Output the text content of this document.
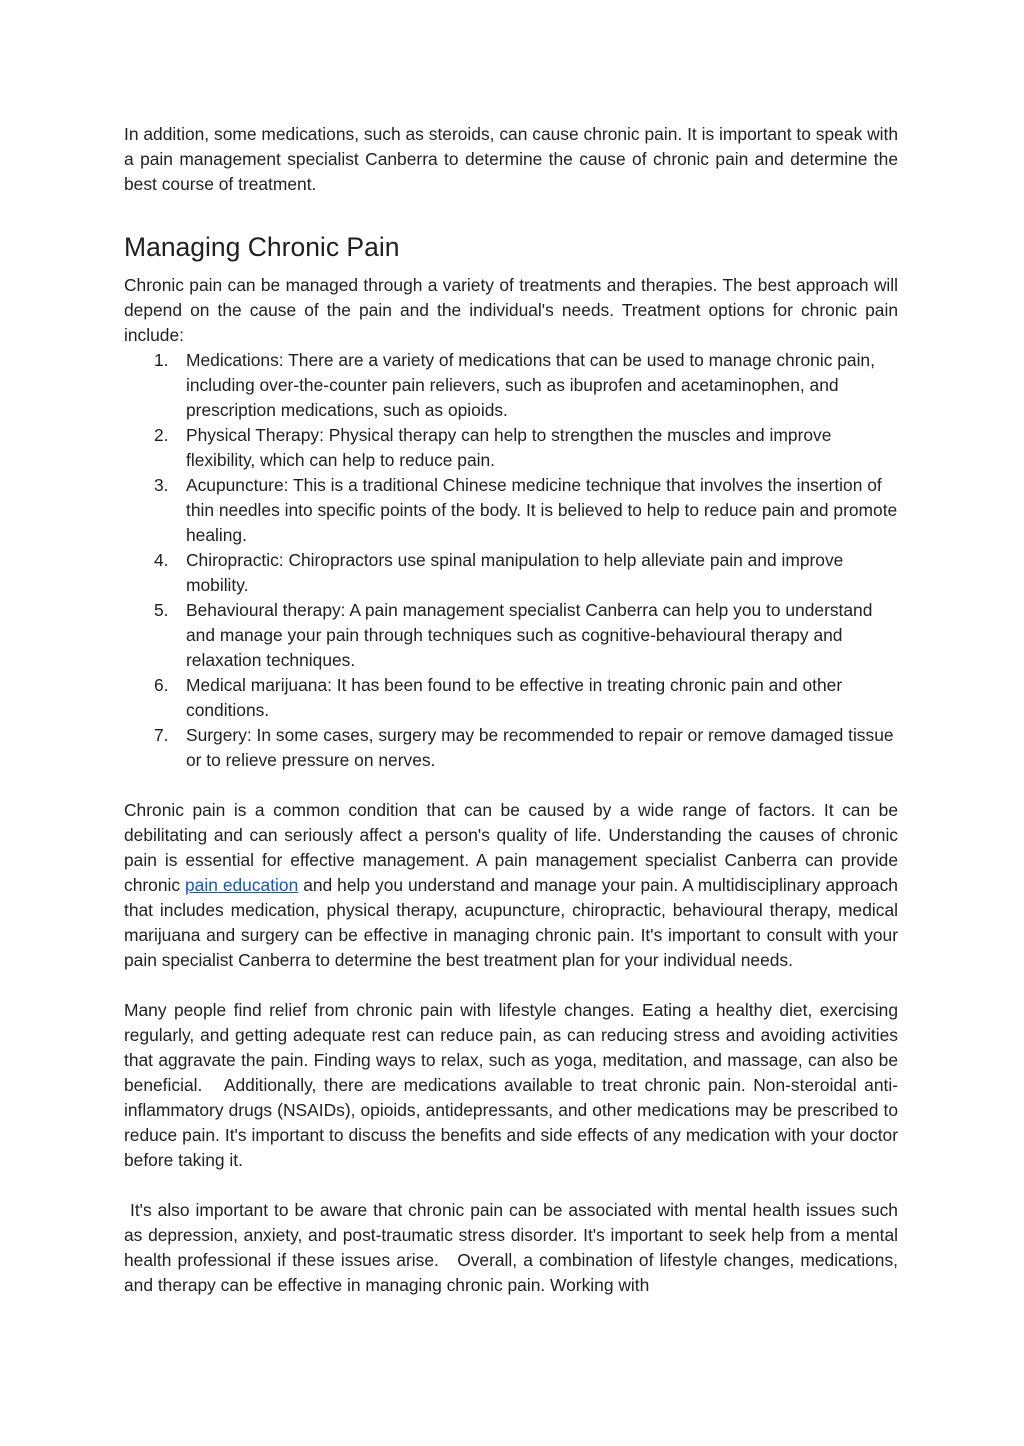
In addition, some medications, such as steroids, can cause chronic pain. It is important to speak with a pain management specialist Canberra to determine the cause of chronic pain and determine the best course of treatment.

Managing Chronic Pain

Chronic pain can be managed through a variety of treatments and therapies. The best approach will depend on the cause of the pain and the individual's needs. Treatment options for chronic pain include:

1. Medications: There are a variety of medications that can be used to manage chronic pain, including over-the-counter pain relievers, such as ibuprofen and acetaminophen, and prescription medications, such as opioids.
2. Physical Therapy: Physical therapy can help to strengthen the muscles and improve flexibility, which can help to reduce pain.
3. Acupuncture: This is a traditional Chinese medicine technique that involves the insertion of thin needles into specific points of the body. It is believed to help to reduce pain and promote healing.
4. Chiropractic: Chiropractors use spinal manipulation to help alleviate pain and improve mobility.
5. Behavioural therapy: A pain management specialist Canberra can help you to understand and manage your pain through techniques such as cognitive-behavioural therapy and relaxation techniques.
6. Medical marijuana: It has been found to be effective in treating chronic pain and other conditions.
7. Surgery: In some cases, surgery may be recommended to repair or remove damaged tissue or to relieve pressure on nerves.

Chronic pain is a common condition that can be caused by a wide range of factors. It can be debilitating and can seriously affect a person's quality of life. Understanding the causes of chronic pain is essential for effective management. A pain management specialist Canberra can provide chronic pain education and help you understand and manage your pain. A multidisciplinary approach that includes medication, physical therapy, acupuncture, chiropractic, behavioural therapy, medical marijuana and surgery can be effective in managing chronic pain. It's important to consult with your pain specialist Canberra to determine the best treatment plan for your individual needs.

Many people find relief from chronic pain with lifestyle changes. Eating a healthy diet, exercising regularly, and getting adequate rest can reduce pain, as can reducing stress and avoiding activities that aggravate the pain. Finding ways to relax, such as yoga, meditation, and massage, can also be beneficial.   Additionally, there are medications available to treat chronic pain. Non-steroidal anti-inflammatory drugs (NSAIDs), opioids, antidepressants, and other medications may be prescribed to reduce pain. It's important to discuss the benefits and side effects of any medication with your doctor before taking it.

It's also important to be aware that chronic pain can be associated with mental health issues such as depression, anxiety, and post-traumatic stress disorder. It's important to seek help from a mental health professional if these issues arise.   Overall, a combination of lifestyle changes, medications, and therapy can be effective in managing chronic pain. Working with
